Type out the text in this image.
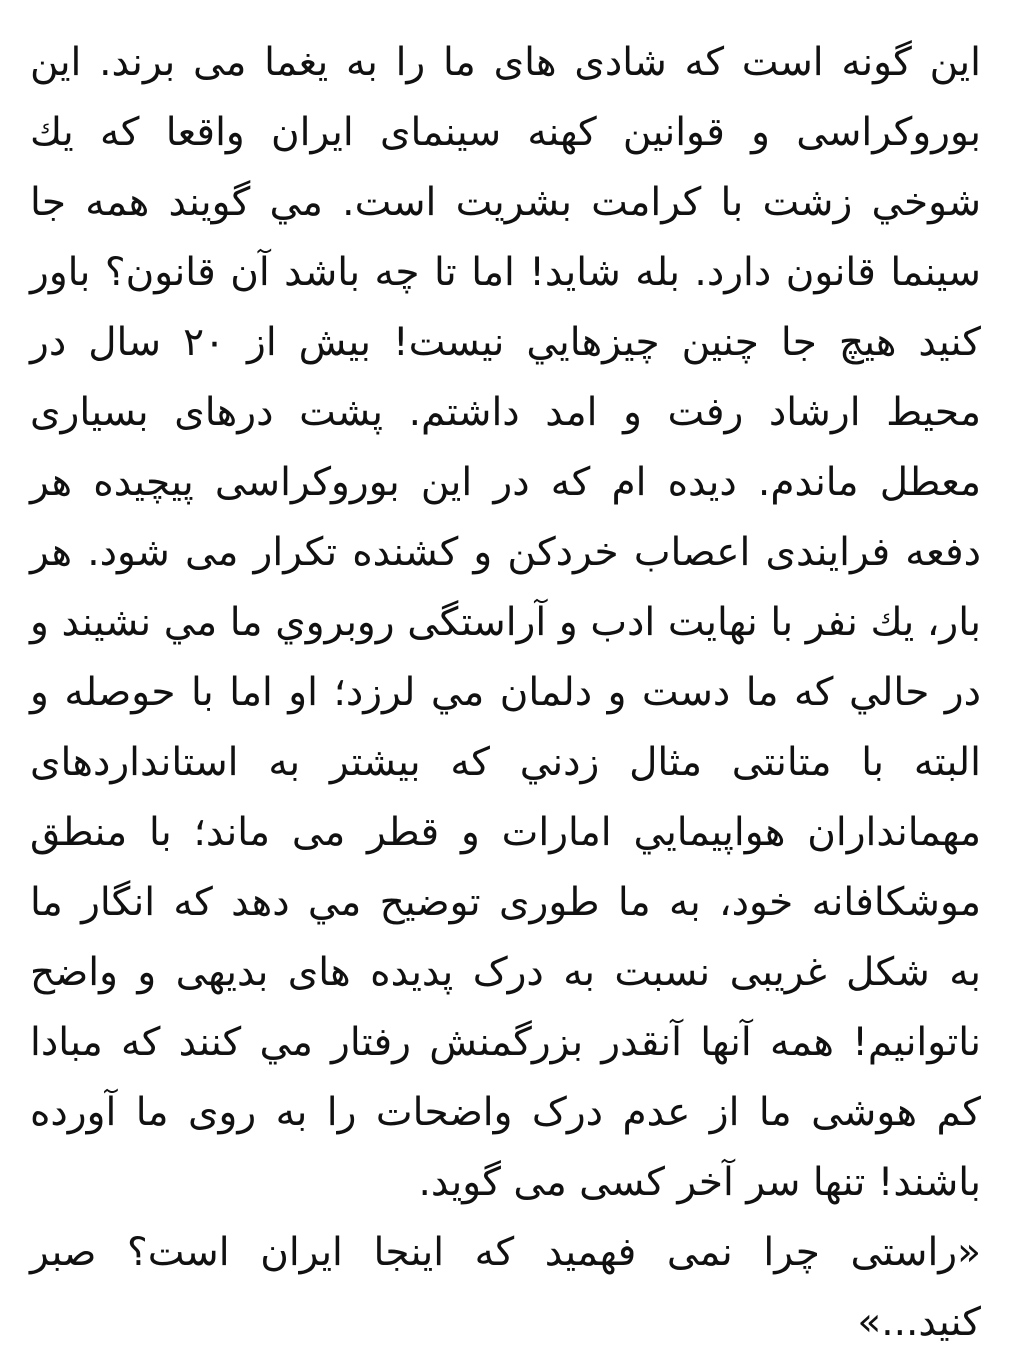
این گونه است که شادی های ما را به یغما می برند. این
بوروکراسی و قوانین کهنه سینمای ایران واقعا که يك
شوخي زشت با کرامت بشریت است. مي گويند همه جا
سینما قانون دارد. بله شاید! اما تا چه باشد آن قانون؟ باور
کنید هیچ جا چنین چیزهايي نيست! بيش از ٢٠ سال در
محیط ارشاد رفت و امد داشتم. پشت درهای بسیاری
معطل ماندم. دیده ام که در این بوروکراسی پیچیده هر
دفعه فرایندی اعصاب خردکن و کشنده تکرار می شود. هر
بار، يك نفر با نهایت ادب و آراستگی روبروي ما مي نشيند و
در حالي که ما دست و دلمان مي لرزد؛ او اما با حوصله و
البته با متانتی مثال زدني که بیشتر به استانداردهای
مهمانداران هواپیمايي امارات و قطر می ماند؛ با منطق
موشکافانه خود، به ما طوری توضیح مي دهد که انگار ما
به شکل غریبی نسبت به درک پدیده های بدیهی و واضح
ناتوانیم! همه آنها آنقدر بزرگمنش رفتار مي کنند که مبادا
کم هوشی ما از عدم درک واضحات را به روی ما آورده
باشند! تنها سر آخر کسی می گوید.
«راستی چرا نمی فهمید که اینجا ایران است؟ صبر
کنید...»
